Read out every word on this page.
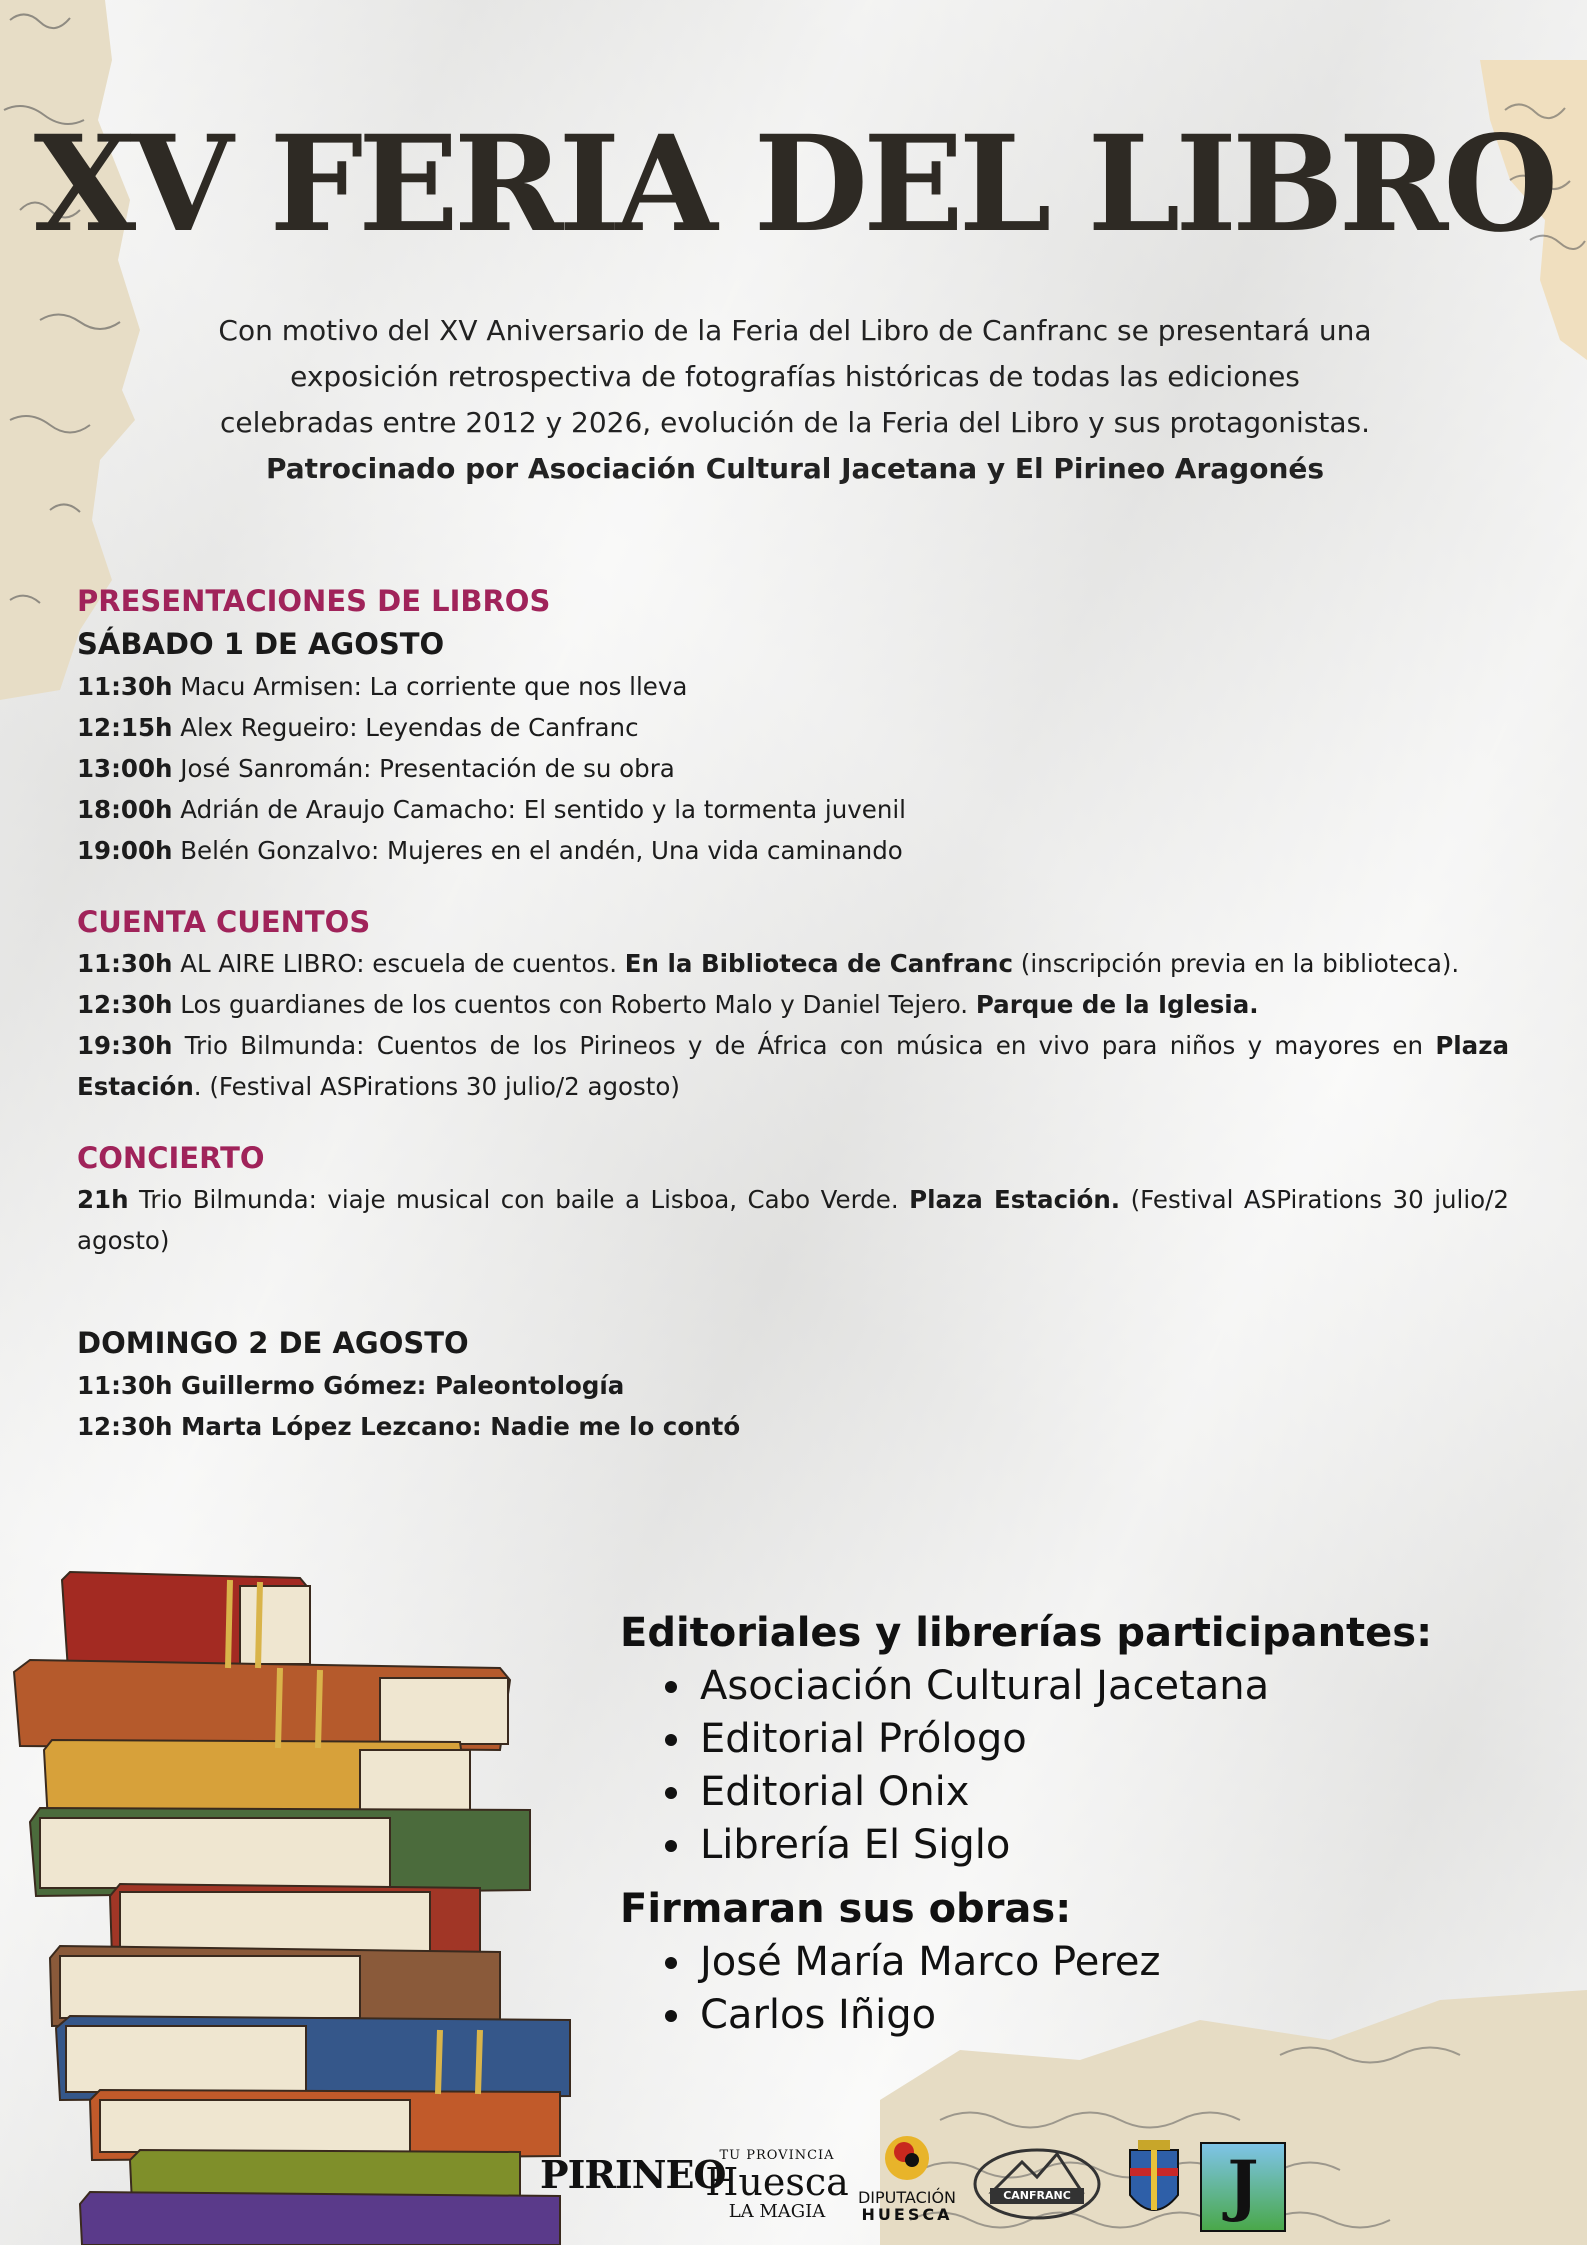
XV FERIA DEL LIBRO
Con motivo del XV Aniversario de la Feria del Libro de Canfranc se presentará una exposición retrospectiva de fotografías históricas de todas las ediciones celebradas entre 2012 y 2026, evolución de la Feria del Libro y sus protagonistas.
Patrocinado por Asociación Cultural Jacetana y El Pirineo Aragonés
PRESENTACIONES DE LIBROS
SÁBADO 1 DE AGOSTO
11:30h Macu Armisen: La corriente que nos lleva
12:15h Alex Regueiro: Leyendas de Canfranc
13:00h José Sanromán: Presentación de su obra
18:00h Adrián de Araujo Camacho: El sentido y la tormenta juvenil
19:00h Belén Gonzalvo: Mujeres en el andén, Una vida caminando
CUENTA CUENTOS
11:30h AL AIRE LIBRO: escuela de cuentos. En la Biblioteca de Canfranc (inscripción previa en la biblioteca).
12:30h Los guardianes de los cuentos con Roberto Malo y Daniel Tejero. Parque de la Iglesia.
19:30h Trio Bilmunda: Cuentos de los Pirineos y de África con música en vivo para niños y mayores en Plaza Estación. (Festival ASPirations 30 julio/2 agosto)
CONCIERTO
21h Trio Bilmunda: viaje musical con baile a Lisboa, Cabo Verde. Plaza Estación. (Festival ASPirations 30 julio/2 agosto)
DOMINGO 2 DE AGOSTO
11:30h Guillermo Gómez: Paleontología
12:30h Marta López Lezcano: Nadie me lo contó
Editoriales y librerías participantes:
• Asociación Cultural Jacetana
• Editorial Prólogo
• Editorial Onix
• Librería El Siglo
Firmaran sus obras:
• José María Marco Perez
• Carlos Iñigo
PIRINEO
TU PROVINCIA
Huesca
LA MAGIA
DIPUTACIÓN
HUESCA
CANFRANC	J
